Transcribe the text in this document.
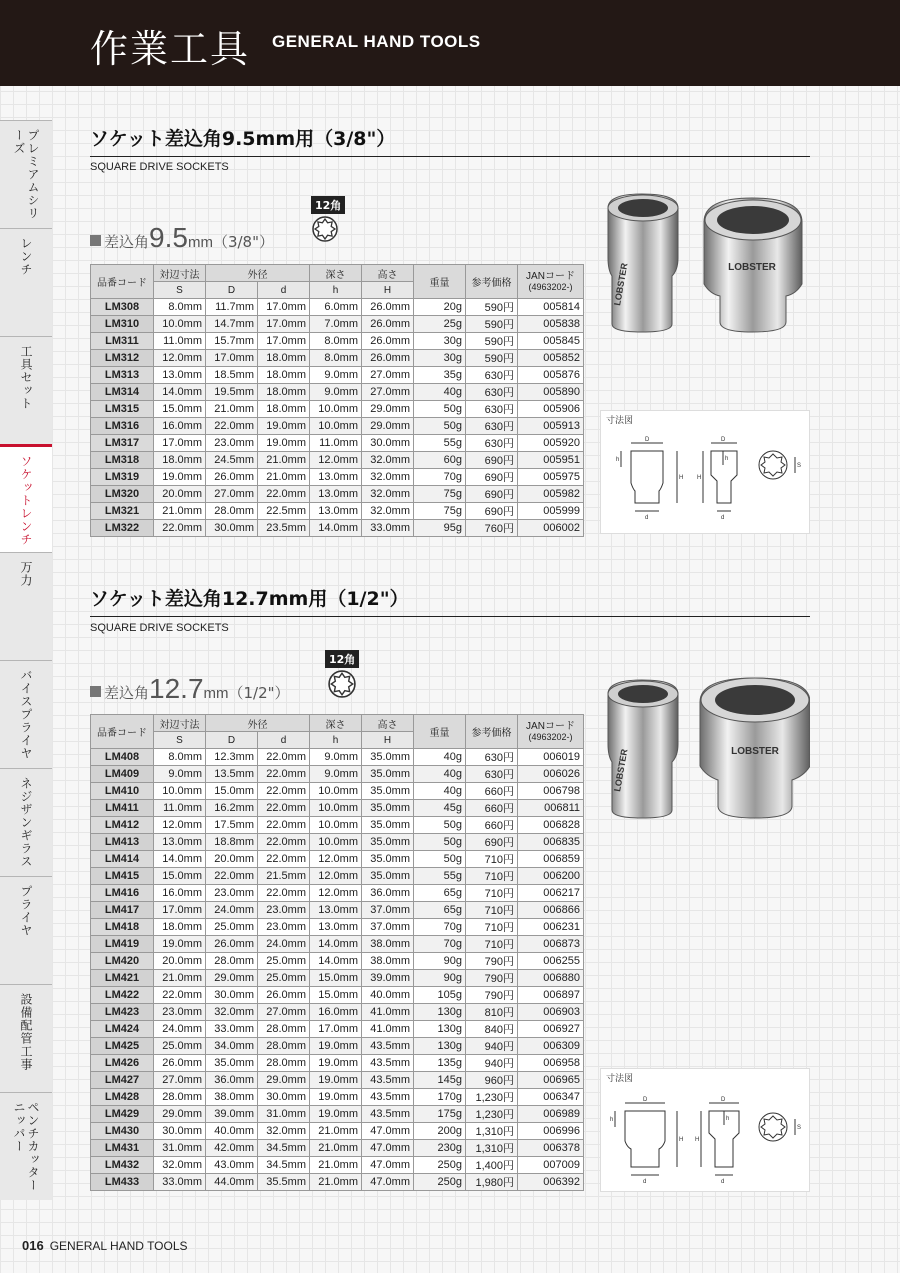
作業工具 GENERAL HAND TOOLS
プレミアムシリーズ
レンチ
工具セット
ソケットレンチ
万力
バイスプライヤ
ネジザンギラス
プライヤ
設備配管工事
ペンチカッターニッパー
ソケット差込角9.5mm用（3/8"）
SQUARE DRIVE SOCKETS
12角
差込角9.5mm（3/8"）
品番コード	対辺寸法	外径		深さ	高さ	重量	参考価格	JANコード
(4963202-)
	S	D	d	h	H			
LM308	8.0mm	11.7mm	17.0mm	6.0mm	26.0mm	20g	590円	005814
LM310	10.0mm	14.7mm	17.0mm	7.0mm	26.0mm	25g	590円	005838
LM311	11.0mm	15.7mm	17.0mm	8.0mm	26.0mm	30g	590円	005845
LM312	12.0mm	17.0mm	18.0mm	8.0mm	26.0mm	30g	590円	005852
LM313	13.0mm	18.5mm	18.0mm	9.0mm	27.0mm	35g	630円	005876
LM314	14.0mm	19.5mm	18.0mm	9.0mm	27.0mm	40g	630円	005890
LM315	15.0mm	21.0mm	18.0mm	10.0mm	29.0mm	50g	630円	005906
LM316	16.0mm	22.0mm	19.0mm	10.0mm	29.0mm	50g	630円	005913
LM317	17.0mm	23.0mm	19.0mm	11.0mm	30.0mm	55g	630円	005920
LM318	18.0mm	24.5mm	21.0mm	12.0mm	32.0mm	60g	690円	005951
LM319	19.0mm	26.0mm	21.0mm	13.0mm	32.0mm	70g	690円	005975
LM320	20.0mm	27.0mm	22.0mm	13.0mm	32.0mm	75g	690円	005982
LM321	21.0mm	28.0mm	22.5mm	13.0mm	32.0mm	75g	690円	005999
LM322	22.0mm	30.0mm	23.5mm	14.0mm	33.0mm	95g	760円	006002
LOBSTER
LOBSTER
寸法図
D
d
h
H
D
d
H
h
S
ソケット差込角12.7mm用（1/2"）
SQUARE DRIVE SOCKETS
12角
差込角12.7mm（1/2"）
品番コード	対辺寸法	外径		深さ	高さ	重量	参考価格	JANコード
(4963202-)
	S	D	d	h	H			
LM408	8.0mm	12.3mm	22.0mm	9.0mm	35.0mm	40g	630円	006019
LM409	9.0mm	13.5mm	22.0mm	9.0mm	35.0mm	40g	630円	006026
LM410	10.0mm	15.0mm	22.0mm	10.0mm	35.0mm	40g	660円	006798
LM411	11.0mm	16.2mm	22.0mm	10.0mm	35.0mm	45g	660円	006811
LM412	12.0mm	17.5mm	22.0mm	10.0mm	35.0mm	50g	660円	006828
LM413	13.0mm	18.8mm	22.0mm	10.0mm	35.0mm	50g	690円	006835
LM414	14.0mm	20.0mm	22.0mm	12.0mm	35.0mm	50g	710円	006859
LM415	15.0mm	22.0mm	21.5mm	12.0mm	35.0mm	55g	710円	006200
LM416	16.0mm	23.0mm	22.0mm	12.0mm	36.0mm	65g	710円	006217
LM417	17.0mm	24.0mm	23.0mm	13.0mm	37.0mm	65g	710円	006866
LM418	18.0mm	25.0mm	23.0mm	13.0mm	37.0mm	70g	710円	006231
LM419	19.0mm	26.0mm	24.0mm	14.0mm	38.0mm	70g	710円	006873
LM420	20.0mm	28.0mm	25.0mm	14.0mm	38.0mm	90g	790円	006255
LM421	21.0mm	29.0mm	25.0mm	15.0mm	39.0mm	90g	790円	006880
LM422	22.0mm	30.0mm	26.0mm	15.0mm	40.0mm	105g	790円	006897
LM423	23.0mm	32.0mm	27.0mm	16.0mm	41.0mm	130g	810円	006903
LM424	24.0mm	33.0mm	28.0mm	17.0mm	41.0mm	130g	840円	006927
LM425	25.0mm	34.0mm	28.0mm	19.0mm	43.5mm	130g	940円	006309
LM426	26.0mm	35.0mm	28.0mm	19.0mm	43.5mm	135g	940円	006958
LM427	27.0mm	36.0mm	29.0mm	19.0mm	43.5mm	145g	960円	006965
LM428	28.0mm	38.0mm	30.0mm	19.0mm	43.5mm	170g	1,230円	006347
LM429	29.0mm	39.0mm	31.0mm	19.0mm	43.5mm	175g	1,230円	006989
LM430	30.0mm	40.0mm	32.0mm	21.0mm	47.0mm	200g	1,310円	006996
LM431	31.0mm	42.0mm	34.5mm	21.0mm	47.0mm	230g	1,310円	006378
LM432	32.0mm	43.0mm	34.5mm	21.0mm	47.0mm	250g	1,400円	007009
LM433	33.0mm	44.0mm	35.5mm	21.0mm	47.0mm	250g	1,980円	006392
LOBSTER
LOBSTER
寸法図
D
d
h
H
D
d
H
h
S
016 GENERAL HAND TOOLS
